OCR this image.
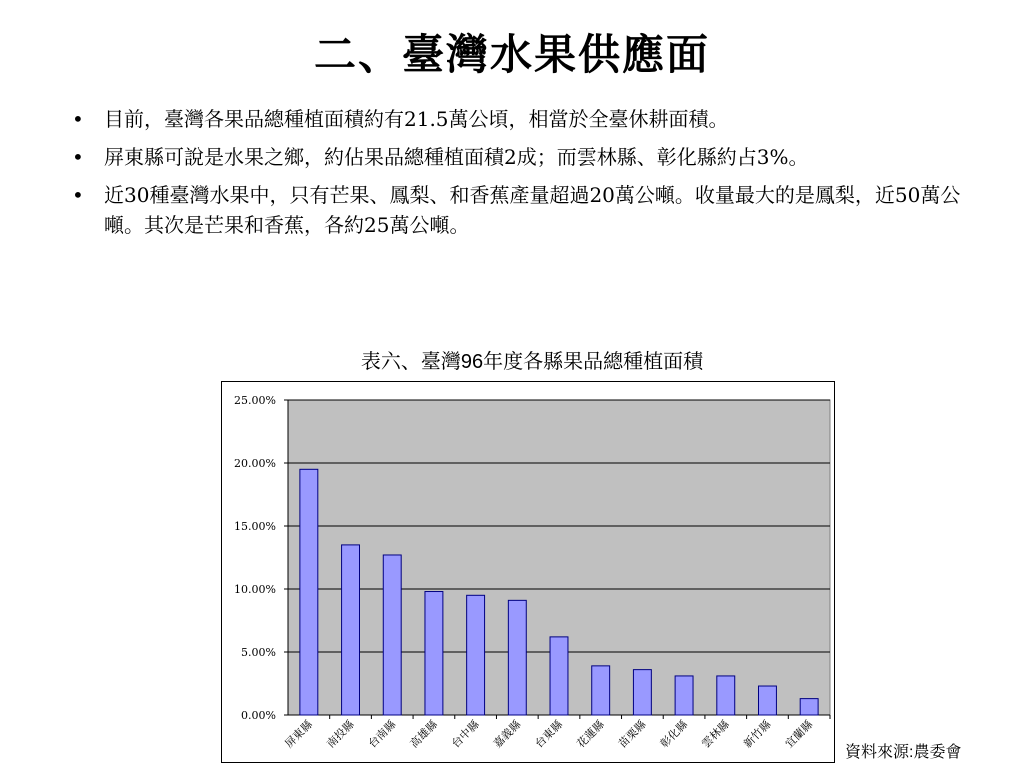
二、臺灣水果供應面
• 目前，臺灣各果品總種植面積約有21.5萬公頃，相當於全臺休耕面積。
• 屏東縣可說是水果之鄉，約佔果品總種植面積2成；而雲林縣、彰化縣約占3%。
• 近30種臺灣水果中，只有芒果、鳳梨、和香蕉產量超過20萬公噸。收量最大的是鳳梨，近50萬公噸。其次是芒果和香蕉，各約25萬公噸。
表六、臺灣96年度各縣果品總種植面積
0.00%
5.00%
10.00%
15.00%
20.00%
25.00%
屏東縣 南投縣 台南縣 高雄縣 台中縣 嘉義縣 台東縣 花蓮縣 苗栗縣 彰化縣 雲林縣 新竹縣 宜蘭縣
資料來源:農委會
